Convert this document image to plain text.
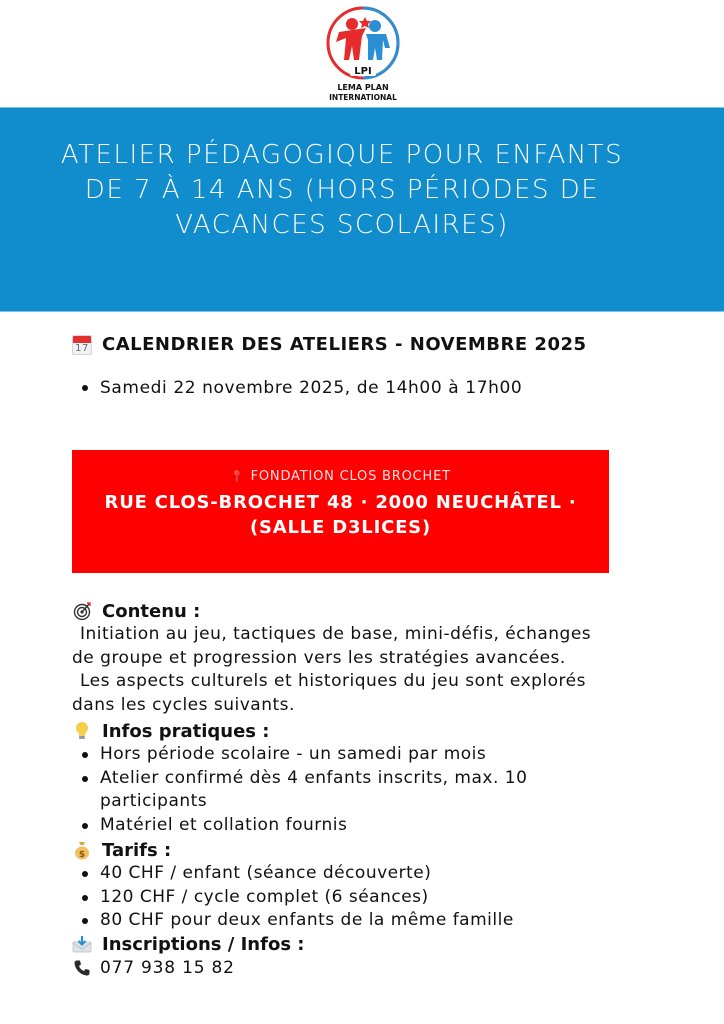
LPI
LEMA PLAN
INTERNATIONAL
ATELIER PÉDAGOGIQUE POUR ENFANTS
DE 7 À 14 ANS (HORS PÉRIODES DE
VACANCES SCOLAIRES)
17 CALENDRIER DES ATELIERS - NOVEMBRE 2025
Samedi 22 novembre 2025, de 14h00 à 17h00
📍 FONDATION CLOS BROCHET
RUE CLOS-BROCHET 48 · 2000 NEUCHÂTEL ·
(SALLE D3LICES)
Contenu :
Initiation au jeu, tactiques de base, mini-défis, échanges
de groupe et progression vers les stratégies avancées.
Les aspects culturels et historiques du jeu sont explorés
dans les cycles suivants.
Infos pratiques :
Hors période scolaire - un samedi par mois
Atelier confirmé dès 4 enfants inscrits, max. 10 participants
Matériel et collation fournis
$ Tarifs :
40 CHF / enfant (séance découverte)
120 CHF / cycle complet (6 séances)
80 CHF pour deux enfants de la même famille
Inscriptions / Infos :
077 938 15 82
